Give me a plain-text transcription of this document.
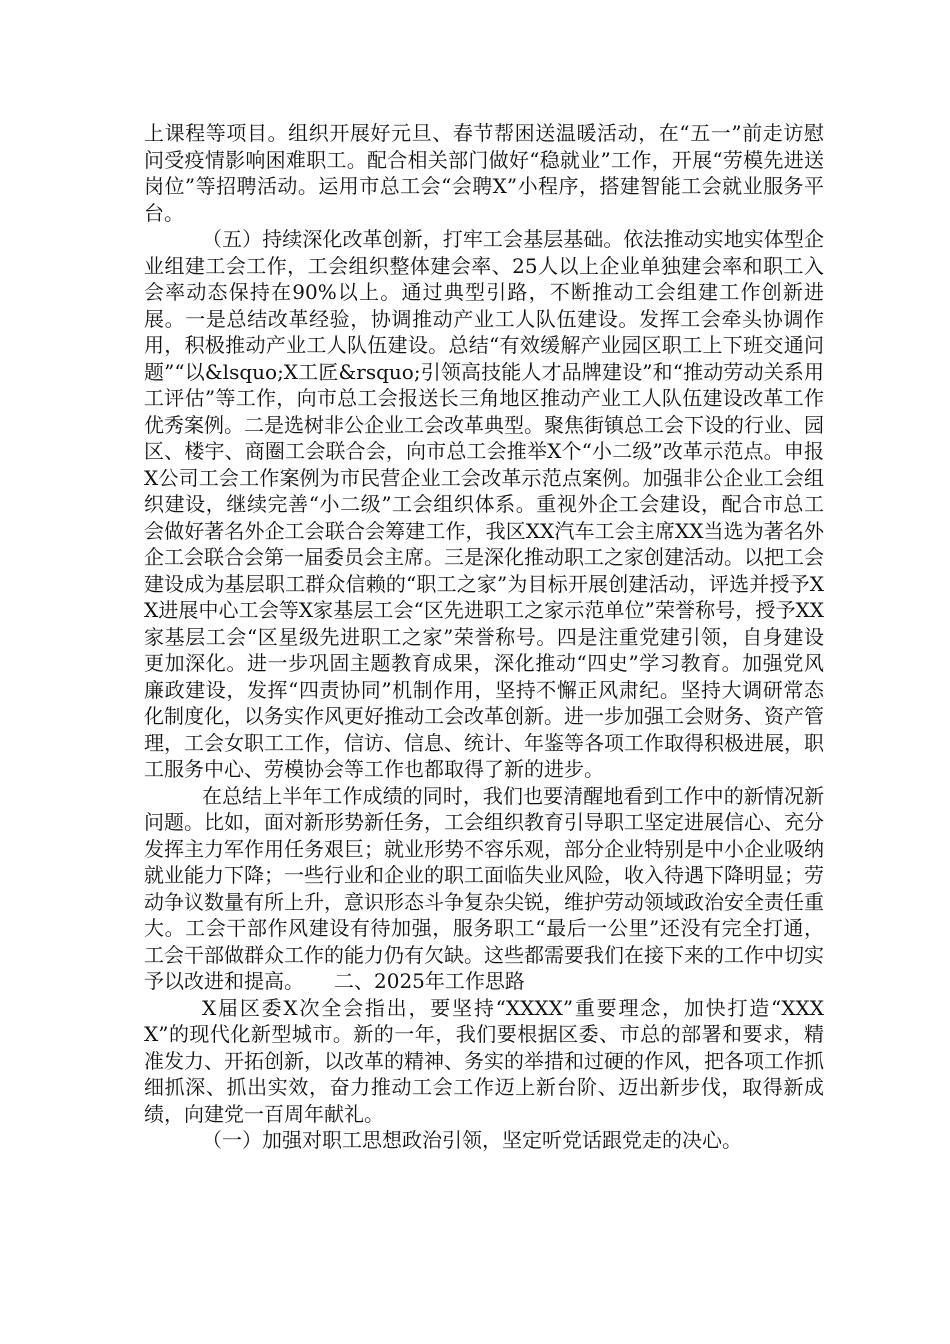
上课程等项目。组织开展好元旦、春节帮困送温暖活动，在“五一”前走访慰问受疫情影响困难职工。配合相关部门做好“稳就业”工作，开展“劳模先进送岗位”等招聘活动。运用市总工会“会聘X”小程序，搭建智能工会就业服务平台。

（五）持续深化改革创新，打牢工会基层基础。依法推动实地实体型企业组建工会工作，工会组织整体建会率、25人以上企业单独建会率和职工入会率动态保持在90%以上。通过典型引路，不断推动工会组建工作创新进展。一是总结改革经验，协调推动产业工人队伍建设。发挥工会牵头协调作用，积极推动产业工人队伍建设。总结“有效缓解产业园区职工上下班交通问题”“以&lsquo;X工匠&rsquo;引领高技能人才品牌建设”和“推动劳动关系用工评估”等工作，向市总工会报送长三角地区推动产业工人队伍建设改革工作优秀案例。二是选树非公企业工会改革典型。聚焦街镇总工会下设的行业、园区、楼宇、商圈工会联合会，向市总工会推举X个“小二级”改革示范点。申报X公司工会工作案例为市民营企业工会改革示范点案例。加强非公企业工会组织建设，继续完善“小二级”工会组织体系。重视外企工会建设，配合市总工会做好著名外企工会联合会筹建工作，我区XX汽车工会主席XX当选为著名外企工会联合会第一届委员会主席。三是深化推动职工之家创建活动。以把工会建设成为基层职工群众信赖的“职工之家”为目标开展创建活动，评选并授予XX进展中心工会等X家基层工会“区先进职工之家示范单位”荣誉称号，授予XX家基层工会“区星级先进职工之家”荣誉称号。四是注重党建引领，自身建设更加深化。进一步巩固主题教育成果，深化推动“四史”学习教育。加强党风廉政建设，发挥“四责协同”机制作用，坚持不懈正风肃纪。坚持大调研常态化制度化，以务实作风更好推动工会改革创新。进一步加强工会财务、资产管理，工会女职工工作，信访、信息、统计、年鉴等各项工作取得积极进展，职工服务中心、劳模协会等工作也都取得了新的进步。

在总结上半年工作成绩的同时，我们也要清醒地看到工作中的新情况新问题。比如，面对新形势新任务，工会组织教育引导职工坚定进展信心、充分发挥主力军作用任务艰巨；就业形势不容乐观，部分企业特别是中小企业吸纳就业能力下降；一些行业和企业的职工面临失业风险，收入待遇下降明显；劳动争议数量有所上升，意识形态斗争复杂尖锐，维护劳动领域政治安全责任重大。工会干部作风建设有待加强，服务职工“最后一公里”还没有完全打通，工会干部做群众工作的能力仍有欠缺。这些都需要我们在接下来的工作中切实予以改进和提高。　　二、2025年工作思路

X届区委X次全会指出，要坚持“XXXX”重要理念，加快打造“XXXX”的现代化新型城市。新的一年，我们要根据区委、市总的部署和要求，精准发力、开拓创新，以改革的精神、务实的举措和过硬的作风，把各项工作抓细抓深、抓出实效，奋力推动工会工作迈上新台阶、迈出新步伐，取得新成绩，向建党一百周年献礼。

（一）加强对职工思想政治引领，坚定听党话跟党走的决心。
